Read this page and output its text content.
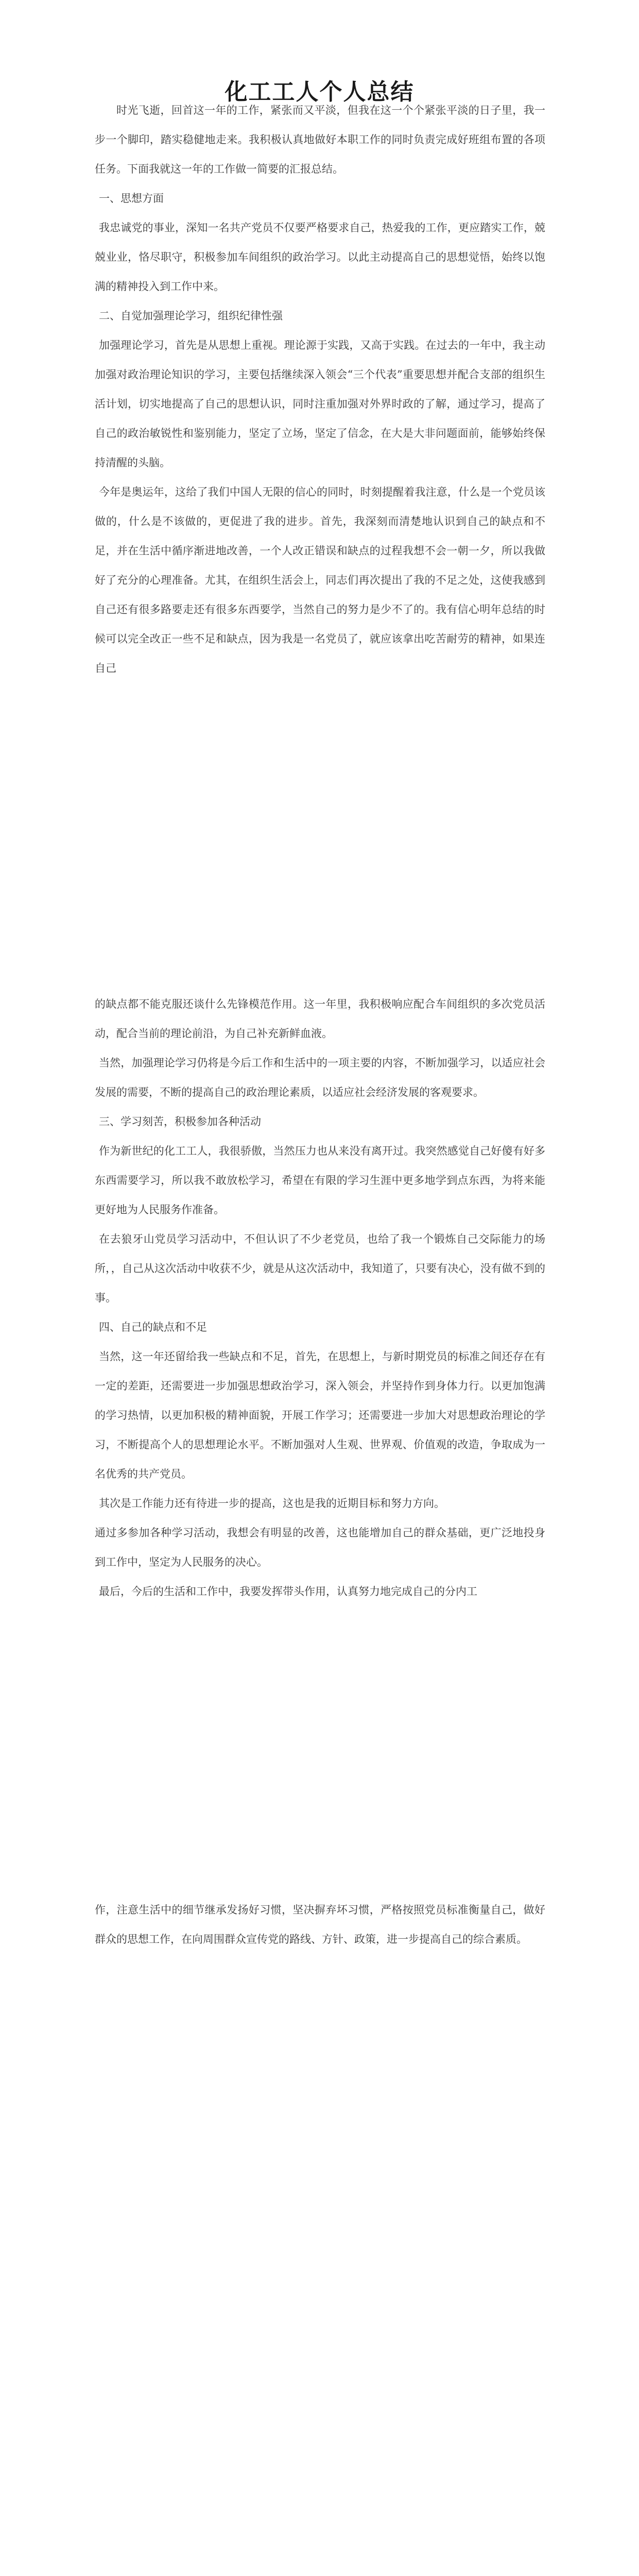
化工工人个人总结

时光飞逝，回首这一年的工作，紧张而又平淡，但我在这一个个紧张平淡的日子里，我一步一个脚印，踏实稳健地走来。我积极认真地做好本职工作的同时负责完成好班组布置的各项任务。下面我就这一年的工作做一简要的汇报总结。

一、思想方面

我忠诚党的事业，深知一名共产党员不仅要严格要求自己，热爱我的工作，更应踏实工作，兢兢业业，恪尽职守，积极参加车间组织的政治学习。以此主动提高自己的思想觉悟，始终以饱满的精神投入到工作中来。

二、自觉加强理论学习，组织纪律性强

加强理论学习，首先是从思想上重视。理论源于实践，又高于实践。在过去的一年中，我主动加强对政治理论知识的学习，主要包括继续深入领会“三个代表”重要思想并配合支部的组织生活计划，切实地提高了自己的思想认识，同时注重加强对外界时政的了解，通过学习，提高了自己的政治敏锐性和鉴别能力，坚定了立场，坚定了信念，在大是大非问题面前，能够始终保持清醒的头脑。

今年是奥运年，这给了我们中国人无限的信心的同时，时刻提醒着我注意，什么是一个党员该做的，什么是不该做的，更促进了我的进步。首先，我深刻而清楚地认识到自己的缺点和不足，并在生活中循序渐进地改善，一个人改正错误和缺点的过程我想不会一朝一夕，所以我做好了充分的心理准备。尤其，在组织生活会上，同志们再次提出了我的不足之处，这使我感到自己还有很多路要走还有很多东西要学，当然自己的努力是少不了的。我有信心明年总结的时候可以完全改正一些不足和缺点，因为我是一名党员了，就应该拿出吃苦耐劳的精神，如果连自己

的缺点都不能克服还谈什么先锋模范作用。这一年里，我积极响应配合车间组织的多次党员活动，配合当前的理论前沿，为自己补充新鲜血液。

当然，加强理论学习仍将是今后工作和生活中的一项主要的内容，不断加强学习，以适应社会发展的需要，不断的提高自己的政治理论素质，以适应社会经济发展的客观要求。

三、学习刻苦，积极参加各种活动

作为新世纪的化工工人，我很骄傲，当然压力也从来没有离开过。我突然感觉自己好傻有好多东西需要学习，所以我不敢放松学习，希望在有限的学习生涯中更多地学到点东西，为将来能更好地为人民服务作准备。

在去狼牙山党员学习活动中，不但认识了不少老党员，也给了我一个锻炼自己交际能力的场所，，自己从这次活动中收获不少，就是从这次活动中，我知道了，只要有决心，没有做不到的事。

四、自己的缺点和不足

当然，这一年还留给我一些缺点和不足，首先，在思想上，与新时期党员的标准之间还存在有一定的差距，还需要进一步加强思想政治学习，深入领会，并坚持作到身体力行。以更加饱满的学习热情，以更加积极的精神面貌，开展工作学习；还需要进一步加大对思想政治理论的学习，不断提高个人的思想理论水平。不断加强对人生观、世界观、价值观的改造，争取成为一名优秀的共产党员。

其次是工作能力还有待进一步的提高，这也是我的近期目标和努力方向。

通过多参加各种学习活动，我想会有明显的改善，这也能增加自己的群众基础，更广泛地投身到工作中，坚定为人民服务的决心。

最后，今后的生活和工作中，我要发挥带头作用，认真努力地完成自己的分内工

作，注意生活中的细节继承发扬好习惯，坚决摒弃坏习惯，严格按照党员标准衡量自己，做好群众的思想工作，在向周围群众宣传党的路线、方针、政策，进一步提高自己的综合素质。
